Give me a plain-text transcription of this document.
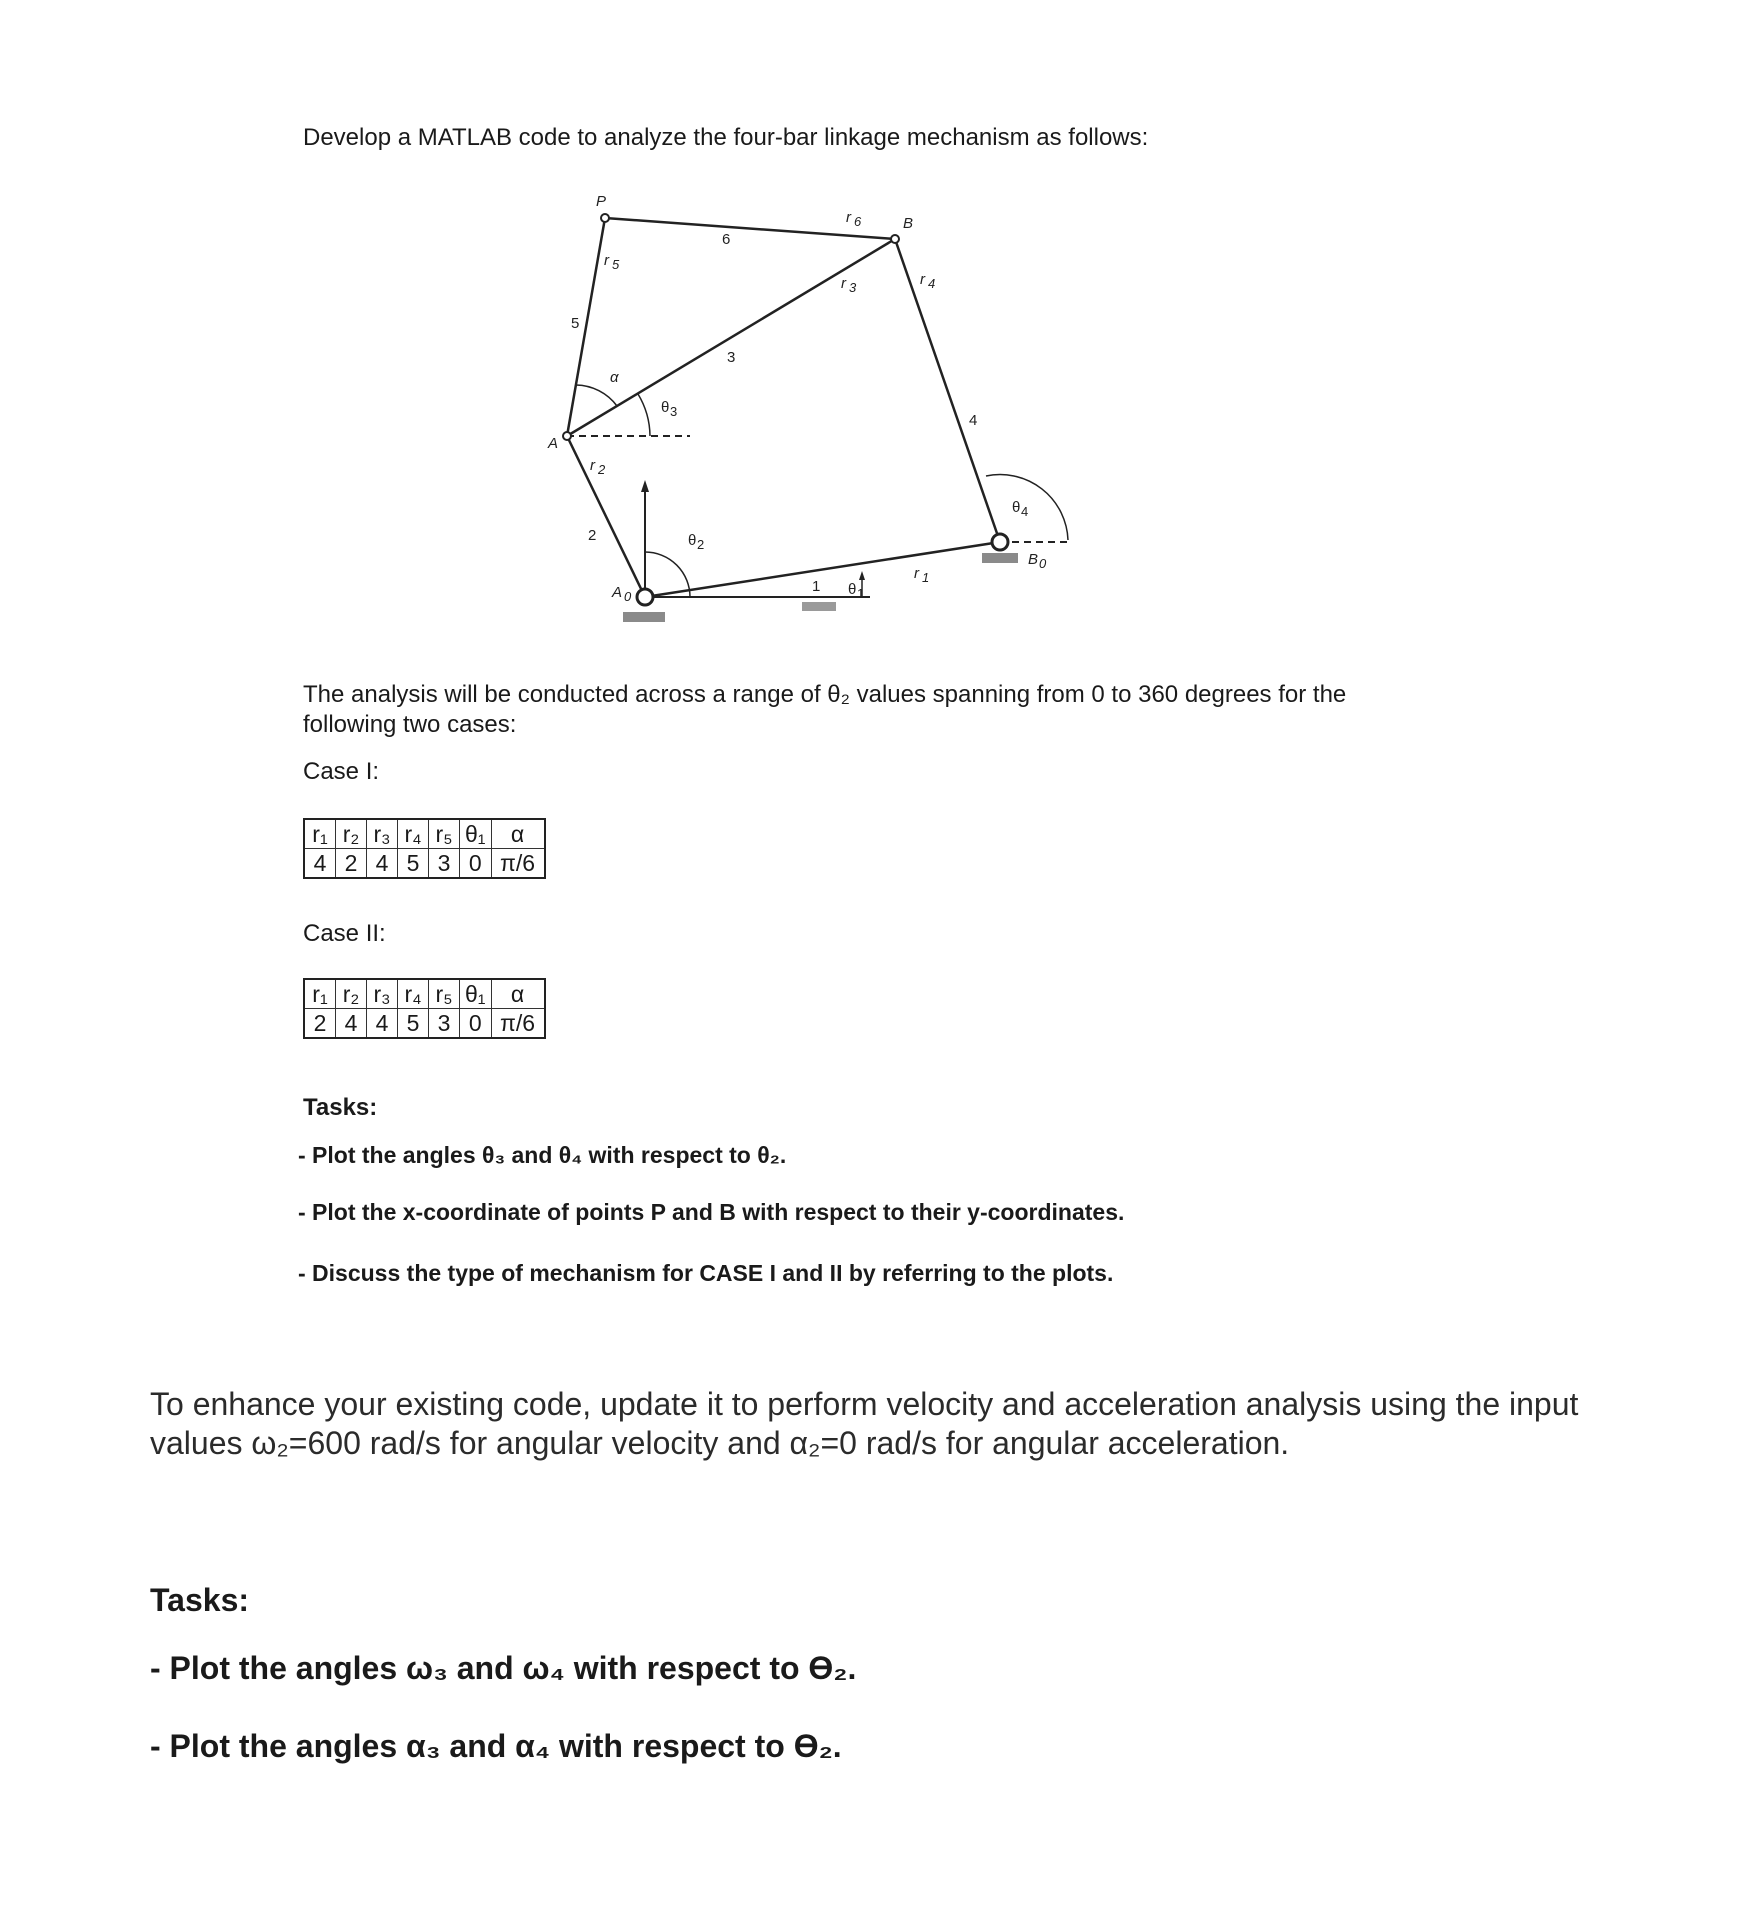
Develop a MATLAB code to analyze the four-bar linkage mechanism as follows:
P
B
A
A 0
B 0
1
2
3
4
5
6
r 1
r 2
r 3	r 4
r 5
r 6
θ 1
θ 2
θ 3
θ 4
α
The analysis will be conducted across a range of θ₂ values spanning from 0 to 360 degrees for the following two cases:
Case I:
r₁	r₂	r₃	r₄	r₅	θ₁	α
4	2	4	5	3	0	π/6
Case II:
r₁	r₂	r₃	r₄	r₅	θ₁	α
2	4	4	5	3	0	π/6
Tasks:
- Plot the angles θ₃ and θ₄ with respect to θ₂.
- Plot the x-coordinate of points P and B with respect to their y-coordinates.
- Discuss the type of mechanism for CASE I and II by referring to the plots.
To enhance your existing code, update it to perform velocity and acceleration analysis using the input values ω₂=600 rad/s for angular velocity and α₂=0 rad/s for angular acceleration.
Tasks:
- Plot the angles ω₃ and ω₄ with respect to ϴ₂.
- Plot the angles α₃ and α₄ with respect to ϴ₂.
